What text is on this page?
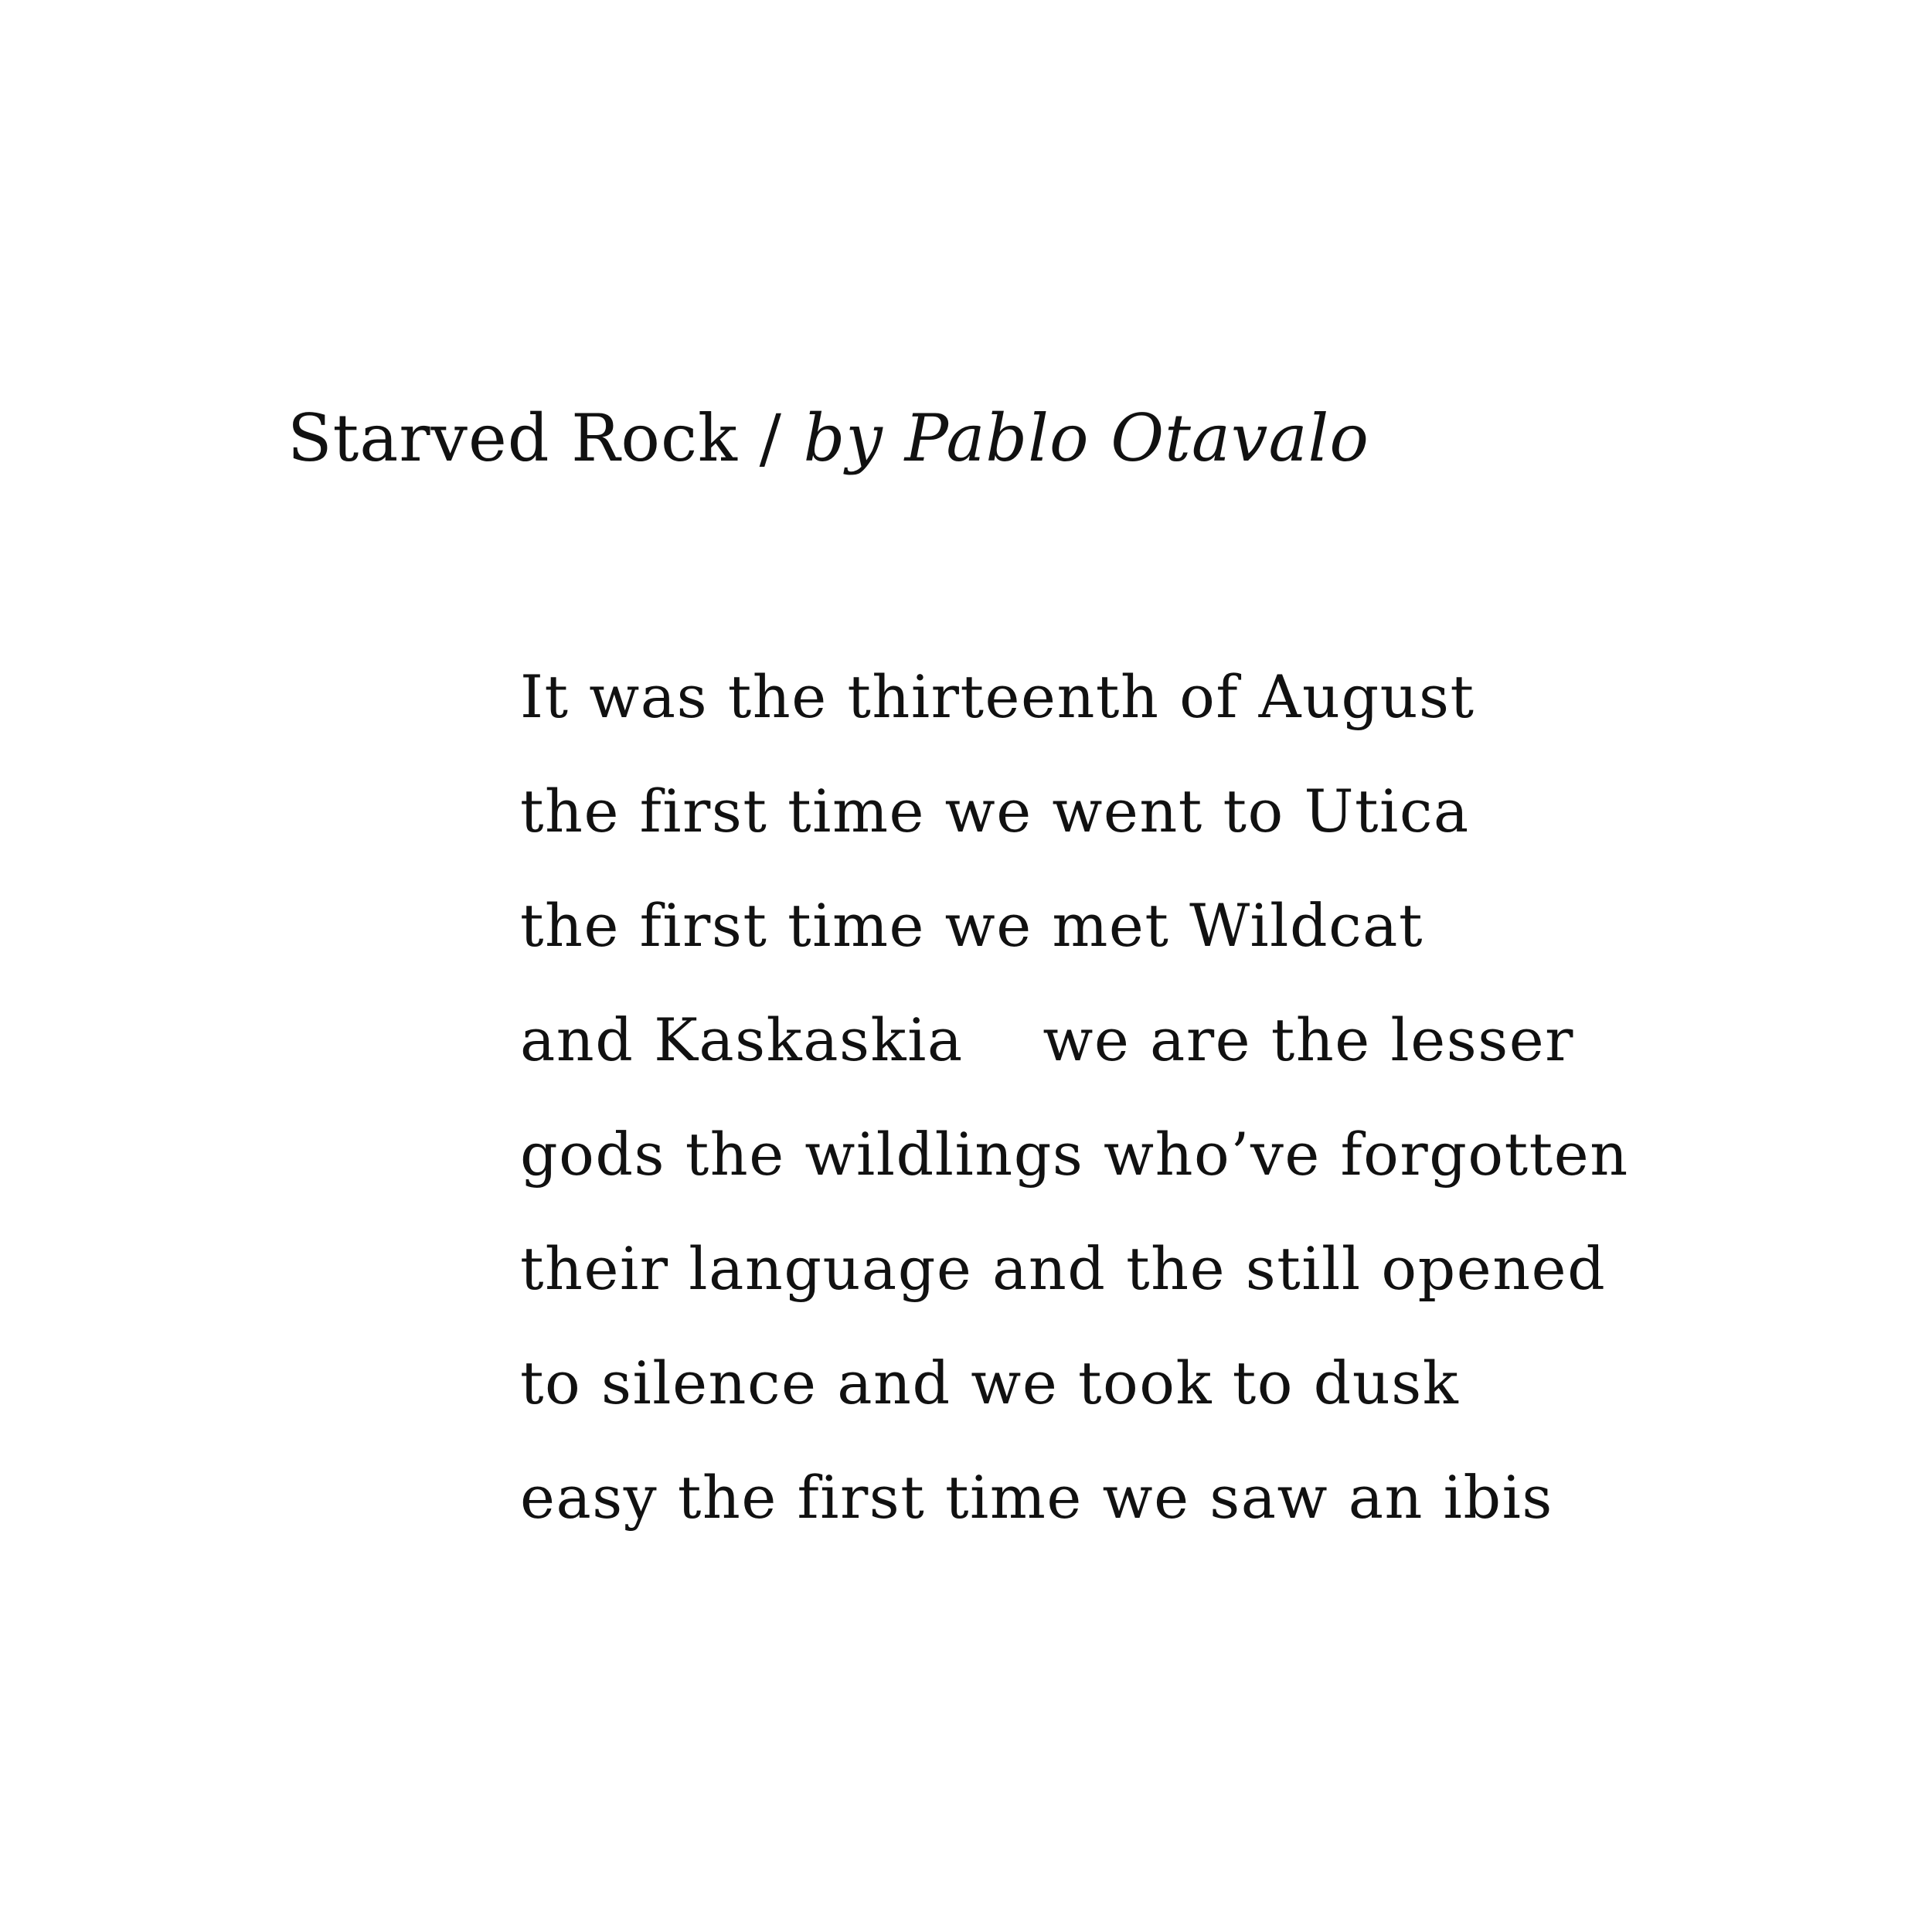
Starved Rock / by Pablo Otavalo
It was the thirteenth of August
the first time we went to Utica
the first time we met Wildcat
and Kaskaskia    we are the lesser
gods the wildlings who’ve forgotten
their language and the still opened
to silence and we took to dusk
easy the first time we saw an ibis
